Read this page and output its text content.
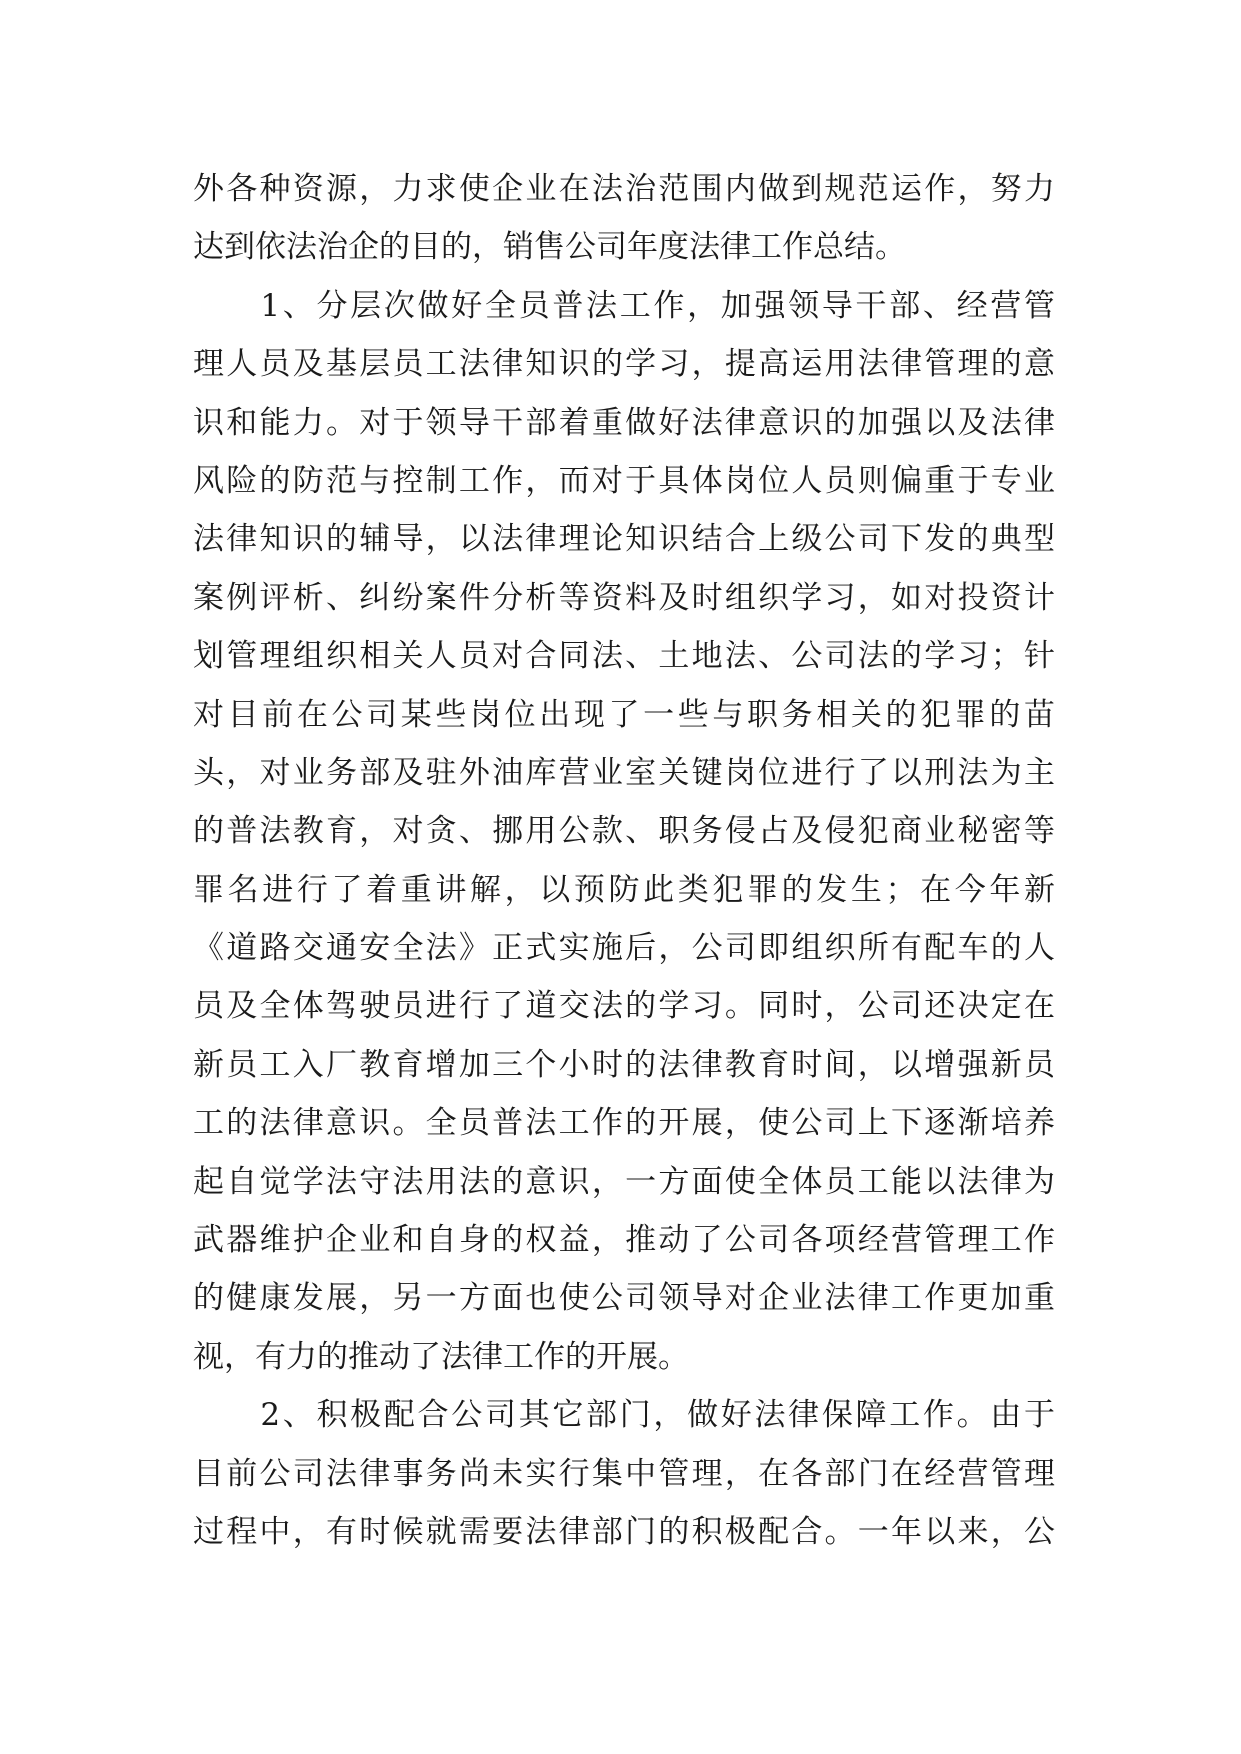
外各种资源，力求使企业在法治范围内做到规范运作，努力
达到依法治企的目的，销售公司年度法律工作总结。
　　1、分层次做好全员普法工作，加强领导干部、经营管
理人员及基层员工法律知识的学习，提高运用法律管理的意
识和能力。对于领导干部着重做好法律意识的加强以及法律
风险的防范与控制工作，而对于具体岗位人员则偏重于专业
法律知识的辅导，以法律理论知识结合上级公司下发的典型
案例评析、纠纷案件分析等资料及时组织学习，如对投资计
划管理组织相关人员对合同法、土地法、公司法的学习；针
对目前在公司某些岗位出现了一些与职务相关的犯罪的苗
头，对业务部及驻外油库营业室关键岗位进行了以刑法为主
的普法教育，对贪、挪用公款、职务侵占及侵犯商业秘密等
罪名进行了着重讲解，以预防此类犯罪的发生；在今年新
《道路交通安全法》正式实施后，公司即组织所有配车的人
员及全体驾驶员进行了道交法的学习。同时，公司还决定在
新员工入厂教育增加三个小时的法律教育时间，以增强新员
工的法律意识。全员普法工作的开展，使公司上下逐渐培养
起自觉学法守法用法的意识，一方面使全体员工能以法律为
武器维护企业和自身的权益，推动了公司各项经营管理工作
的健康发展，另一方面也使公司领导对企业法律工作更加重
视，有力的推动了法律工作的开展。
　　2、积极配合公司其它部门，做好法律保障工作。由于
目前公司法律事务尚未实行集中管理，在各部门在经营管理
过程中，有时候就需要法律部门的积极配合。一年以来，公
